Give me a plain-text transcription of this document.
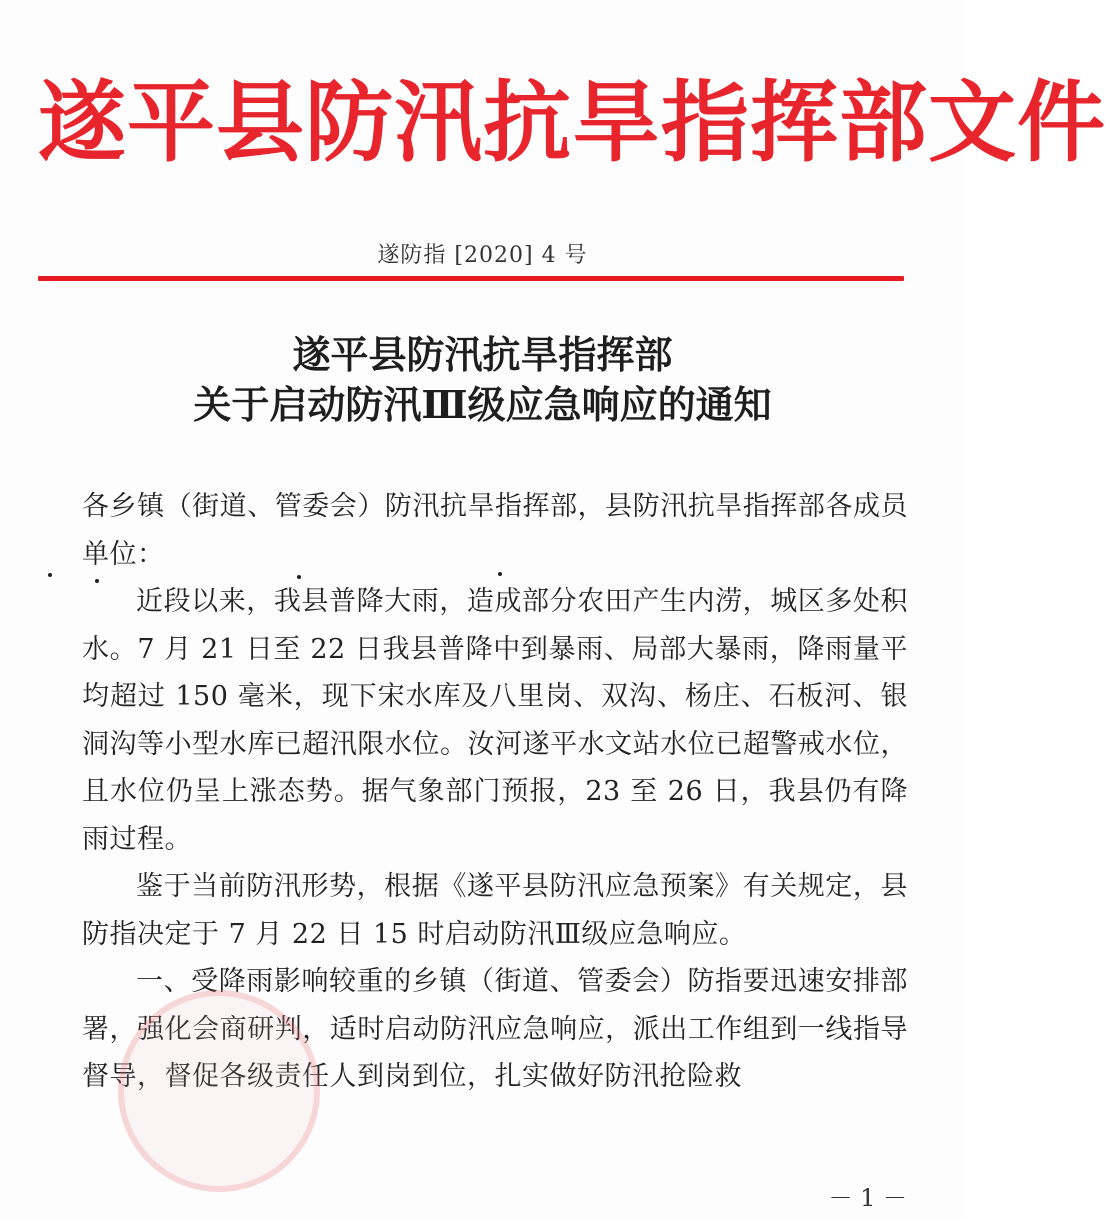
遂平县防汛抗旱指挥部文件
遂防指 [2020] 4 号
遂平县防汛抗旱指挥部
关于启动防汛Ⅲ级应急响应的通知

各乡镇（街道、管委会）防汛抗旱指挥部，县防汛抗旱指挥部各成员单位：

近段以来，我县普降大雨，造成部分农田产生内涝，城区多处积水。7 月 21 日至 22 日我县普降中到暴雨、局部大暴雨，降雨量平均超过 150 毫米，现下宋水库及八里岗、双沟、杨庄、石板河、银洞沟等小型水库已超汛限水位。汝河遂平水文站水位已超警戒水位，且水位仍呈上涨态势。据气象部门预报，23 至 26 日，我县仍有降雨过程。

鉴于当前防汛形势，根据《遂平县防汛应急预案》有关规定，县防指决定于 7 月 22 日 15 时启动防汛Ⅲ级应急响应。

一、受降雨影响较重的乡镇（街道、管委会）防指要迅速安排部署，强化会商研判，适时启动防汛应急响应，派出工作组到一线指导督导，督促各级责任人到岗到位，扎实做好防汛抢险救

－ 1 －
